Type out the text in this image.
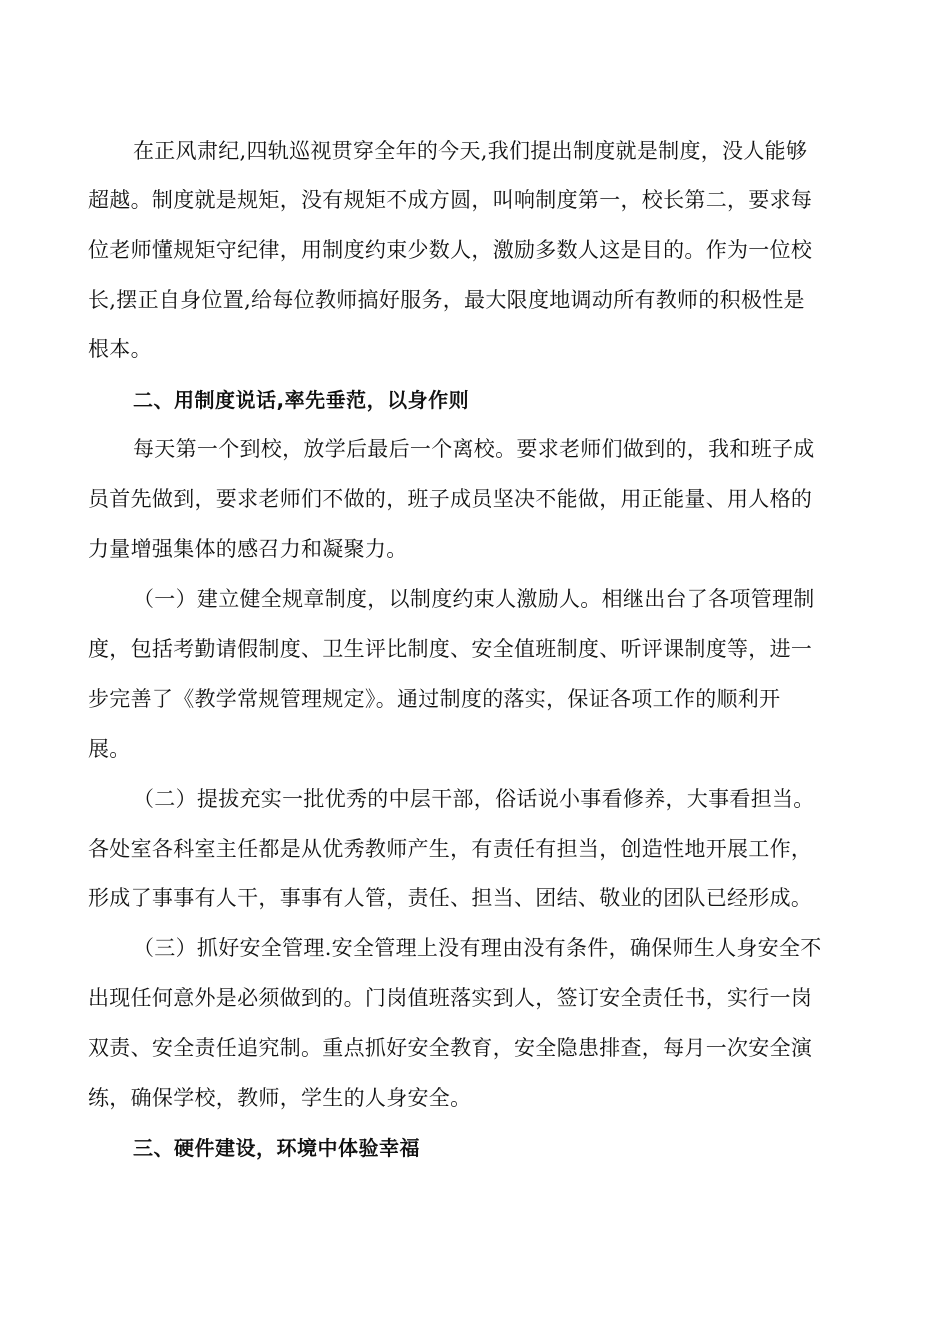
在正风肃纪,四轨巡视贯穿全年的今天,我们提出制度就是制度，没人能够
超越。制度就是规矩，没有规矩不成方圆，叫响制度第一，校长第二，要求每
位老师懂规矩守纪律，用制度约束少数人，激励多数人这是目的。作为一位校
长,摆正自身位置,给每位教师搞好服务，最大限度地调动所有教师的积极性是
根本。
二、用制度说话,率先垂范，以身作则
每天第一个到校，放学后最后一个离校。要求老师们做到的，我和班子成
员首先做到，要求老师们不做的，班子成员坚决不能做，用正能量、用人格的
力量增强集体的感召力和凝聚力。
（一）建立健全规章制度，以制度约束人激励人。相继出台了各项管理制
度，包括考勤请假制度、卫生评比制度、安全值班制度、听评课制度等，进一
步完善了《教学常规管理规定》。通过制度的落实，保证各项工作的顺利开
展。
（二）提拔充实一批优秀的中层干部，俗话说小事看修养，大事看担当。
各处室各科室主任都是从优秀教师产生，有责任有担当，创造性地开展工作，
形成了事事有人干，事事有人管，责任、担当、团结、敬业的团队已经形成。
（三）抓好安全管理.安全管理上没有理由没有条件，确保师生人身安全不
出现任何意外是必须做到的。门岗值班落实到人，签订安全责任书，实行一岗
双责、安全责任追究制。重点抓好安全教育，安全隐患排查，每月一次安全演
练，确保学校，教师，学生的人身安全。
三、硬件建设，环境中体验幸福
